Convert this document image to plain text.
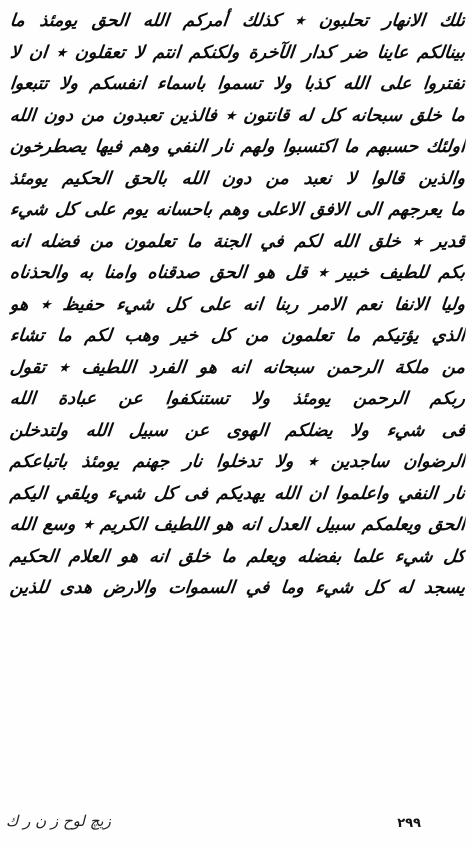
تلك الانهار تحلبون ٭ كذلك أمركم الله الحق يومئذ ما
بينالكم عاينا ضر كدار الآخرة ولكنكم انتم لا تعقلون ٭ ان لا
تفتروا على الله كذبا ولا تسموا باسماء انفسكم ولا تتبعوا
ما خلق سبحانه كل له قانتون ٭ فالذين تعبدون من دون الله
اولئك حسبهم ما اكتسبوا ولهم نار النفي وهم فيها يصطرخون
والذين قالوا لا نعبد من دون الله بالحق الحكيم يومئذ
ما يعرجهم الى الافق الاعلى وهم باحسانه يوم على كل شيء
قدير ٭ خلق الله لكم في الجنة ما تعلمون من فضله انه
بكم للطيف خبير ٭ قل هو الحق صدقناه وامنا به والحذناه
وليا الانفا نعم الامر ربنا انه على كل شيء حفيظ ٭ هو
الذي يؤتيكم ما تعلمون من كل خير وهب لكم ما تشاء
من ملكة الرحمن سبحانه انه هو الفرد اللطيف ٭ تقول
ربكم الرحمن يومئذ ولا تستنكفوا عن عبادة الله
فى شيء ولا يضلكم الهوى عن سبيل الله ولتدخلن
الرضوان ساجدين ٭ ولا تدخلوا نار جهنم يومئذ باتباعكم
نار النفي واعلموا ان الله يهديكم فى كل شيء ويلقي اليكم
الحق ويعلمكم سبيل العدل انه هو اللطيف الكريم ٭ وسع الله
كل شيء علما بفضله ويعلم ما خلق انه هو العلام الحكيم
يسجد له كل شيء وما في السموات والارض هدى للذين
زيچ لوح ز ن ر ك	٢٩٩
